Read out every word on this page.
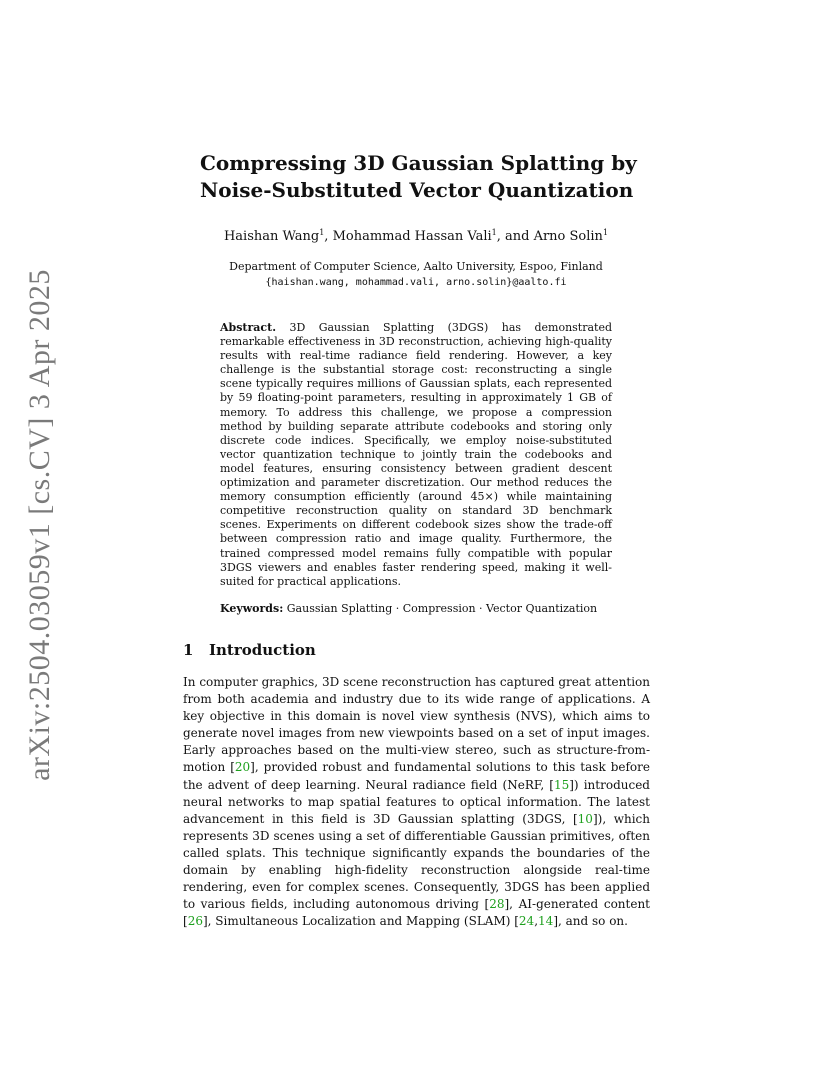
arXiv:2504.03059v1 [cs.CV] 3 Apr 2025
Compressing 3D Gaussian Splatting by
Noise-Substituted Vector Quantization
Haishan Wang$^1$, Mohammad Hassan Vali$^1$, and Arno Solin$^1$
Department of Computer Science, Aalto University, Espoo, Finland
{haishan.wang, mohammad.vali, arno.solin}@aalto.fi
Abstract. 3D Gaussian Splatting (3DGS) has demonstrated remarkable effectiveness in 3D reconstruction, achieving high-quality results with real-time radiance field rendering. However, a key challenge is the substantial storage cost: reconstructing a single scene typically requires millions of Gaussian splats, each represented by 59 floating-point parameters, resulting in approximately 1 GB of memory. To address this challenge, we propose a compression method by building separate attribute codebooks and storing only discrete code indices. Specifically, we employ noise-substituted vector quantization technique to jointly train the codebooks and model features, ensuring consistency between gradient descent optimization and parameter discretization. Our method reduces the memory consumption efficiently (around 45×) while maintaining competitive reconstruction quality on standard 3D benchmark scenes. Experiments on different codebook sizes show the trade-off between compression ratio and image quality. Furthermore, the trained compressed model remains fully compatible with popular 3DGS viewers and enables faster rendering speed, making it well-suited for practical applications.
Keywords: Gaussian Splatting · Compression · Vector Quantization
1 Introduction
In computer graphics, 3D scene reconstruction has captured great attention from both academia and industry due to its wide range of applications. A key objective in this domain is novel view synthesis (NVS), which aims to generate novel images from new viewpoints based on a set of input images. Early approaches based on the multi-view stereo, such as structure-from-motion [20], provided robust and fundamental solutions to this task before the advent of deep learning. Neural radiance field (NeRF, [15]) introduced neural networks to map spatial features to optical information. The latest advancement in this field is 3D Gaussian splatting (3DGS, [10]), which represents 3D scenes using a set of differentiable Gaussian primitives, often called splats. This technique significantly expands the boundaries of the domain by enabling high-fidelity reconstruction alongside real-time rendering, even for complex scenes. Consequently, 3DGS has been applied to various fields, including autonomous driving [28], AI-generated content [26], Simultaneous Localization and Mapping (SLAM) [24,14], and so on.
